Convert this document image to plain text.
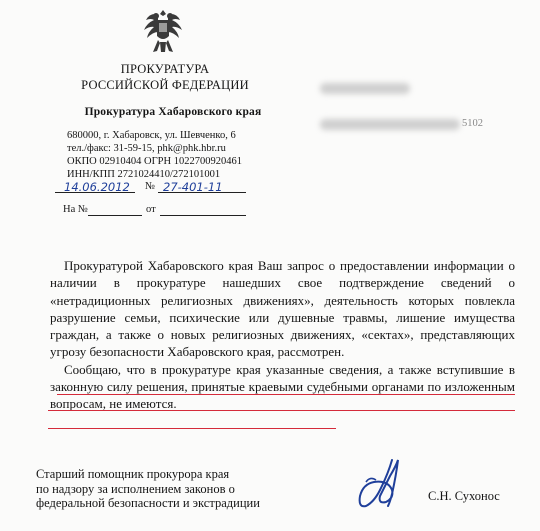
ПРОКУРАТУРА
РОССИЙСКОЙ ФЕДЕРАЦИИ
Прокуратура Хабаровского края
680000, г. Хабаровск, ул. Шевченко, 6
тел./факс: 31-59-15, phk@phk.hbr.ru
ОКПО 02910404 ОГРН 1022700920461
ИНН/КПП 2721024410/272101001
14.06.2012 № 27-401-11
На №	от
5102

Прокуратурой Хабаровского края Ваш запрос о предоставлении информации о наличии в прокуратуре нашедших свое подтверждение сведений о «нетрадиционных религиозных движениях», деятельность которых повлекла разрушение семьи, психические или душевные травмы, лишение имущества граждан, а также о новых религиозных движениях, «сектах», представляющих угрозу безопасности Хабаровского края, рассмотрен.

Сообщаю, что в прокуратуре края указанные сведения, а также вступившие в законную силу решения, принятые краевыми судебными органами по изложенным вопросам, не имеются.

Старший помощник прокурора края
по надзору за исполнением законов о
федеральной безопасности и экстрадиции	С.Н. Сухонос
